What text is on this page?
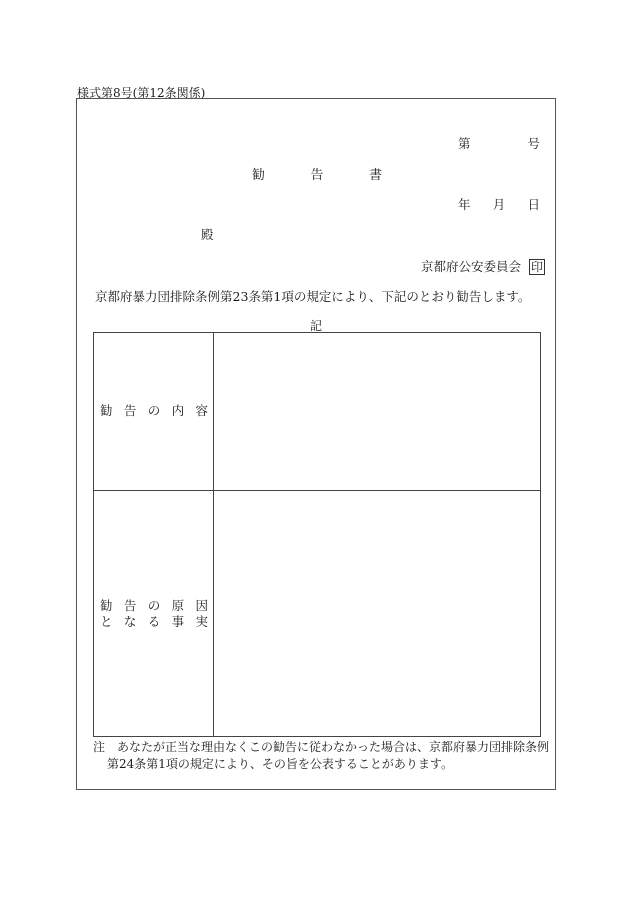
様式第8号(第12条関係)
第	号
勧	告	書
年 月 日
殿
京都府公安委員会 印
京都府暴力団排除条例第23条第1項の規定により、下記のとおり勧告します。
記
勧 告 の 内 容
勧 告 の 原 因
と な る 事 実
注　あなたが正当な理由なくこの勧告に従わなかった場合は、京都府暴力団排除条例
第24条第1項の規定により、その旨を公表することがあります。
